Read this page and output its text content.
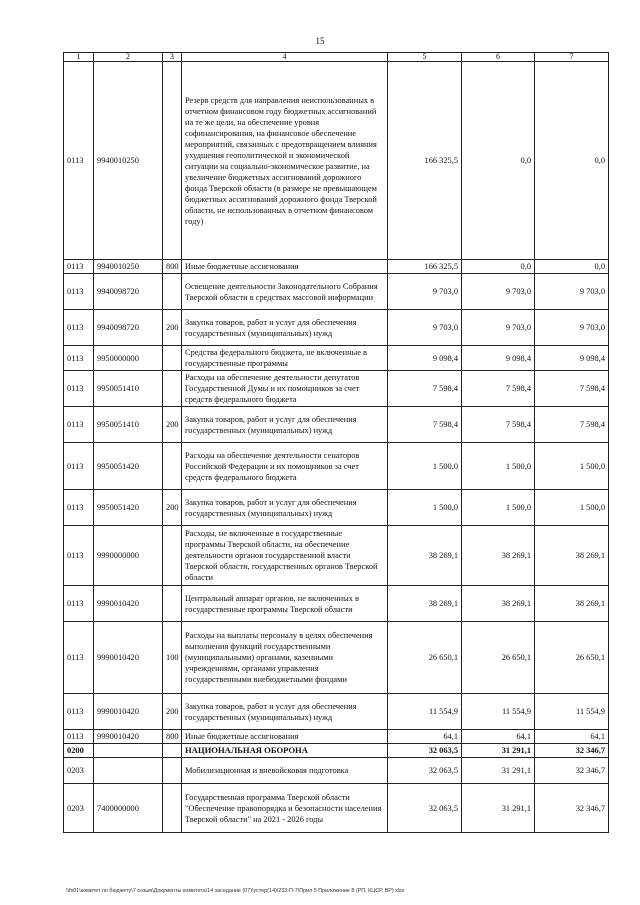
15
1	2	3	4	5	6	7
0113	9940010250		Резерв средств для направления неиспользованных в отчетном финансовом году бюджетных ассигнований на те же цели, на обеспечение уровня софинансирования, на финансовое обеспечение мероприятий, связанных с предотвращением влияния ухудшения геополитической и экономической ситуации на социально-экономическое развитие, на увеличение бюджетных ассигнований дорожного фонда Тверской области (в размере не превышающем бюджетных ассигнований дорожного фонда Тверской области, не использованных в отчетном финансовом году)	166 325,5	0,0	0,0
0113	9940010250	800	Иные бюджетные ассигнования	166 325,5	0,0	0,0
0113	9940098720		Освещение деятельности Законодательного Собрания Тверской области в средствах массовой информации	9 703,0	9 703,0	9 703,0
0113	9940098720	200	Закупка товаров, работ и услуг для обеспечения государственных (муниципальных) нужд	9 703,0	9 703,0	9 703,0
0113	9950000000		Средства федерального бюджета, не включенные в государственные программы	9 098,4	9 098,4	9 098,4
0113	9950051410		Расходы на обеспечение деятельности депутатов Государственной Думы и их помощников за счет средств федерального бюджета	7 598,4	7 598,4	7 598,4
0113	9950051410	200	Закупка товаров, работ и услуг для обеспечения государственных (муниципальных) нужд	7 598,4	7 598,4	7 598,4
0113	9950051420		Расходы на обеспечение деятельности сенаторов Российской Федерации и их помощников за счет средств федерального бюджета	1 500,0	1 500,0	1 500,0
0113	9950051420	200	Закупка товаров, работ и услуг для обеспечения государственных (муниципальных) нужд	1 500,0	1 500,0	1 500,0
0113	9990000000		Расходы, не включенные в государственные программы Тверской области, на обеспечение деятельности органов государственной власти Тверской области, государственных органов Тверской области	38 269,1	38 269,1	38 269,1
0113	9990010420		Центральный аппарат органов, не включенных в государственные программы Тверской области	38 269,1	38 269,1	38 269,1
0113	9990010420	100	Расходы на выплаты персоналу в целях обеспечения выполнения функций государственными (муниципальными) органами, казенными учреждениями, органами управления государственными внебюджетными фондами	26 650,1	26 650,1	26 650,1
0113	9990010420	200	Закупка товаров, работ и услуг для обеспечения государственных (муниципальных) нужд	11 554,9	11 554,9	11 554,9
0113	9990010420	800	Иные бюджетные ассигнования	64,1	64,1	64,1
0200			НАЦИОНАЛЬНАЯ ОБОРОНА	32 063,5	31 291,1	32 346,7
0203			Мобилизационная и вневойсковая подготовка	32 063,5	31 291,1	32 346,7
0203	7400000000		Государственная программа Тверской области "Обеспечение правопорядка и безопасности населения Тверской области" на 2021 - 2026 годы	32 063,5	31 291,1	32 346,7
\\fs01\комитет по бюджету\7 созыв\Документы комитета\14 заседание (07)\устер(14)\233-П-7\Прил 5 Приложение 8 (РП, КЦСР, ВР) xlsx
